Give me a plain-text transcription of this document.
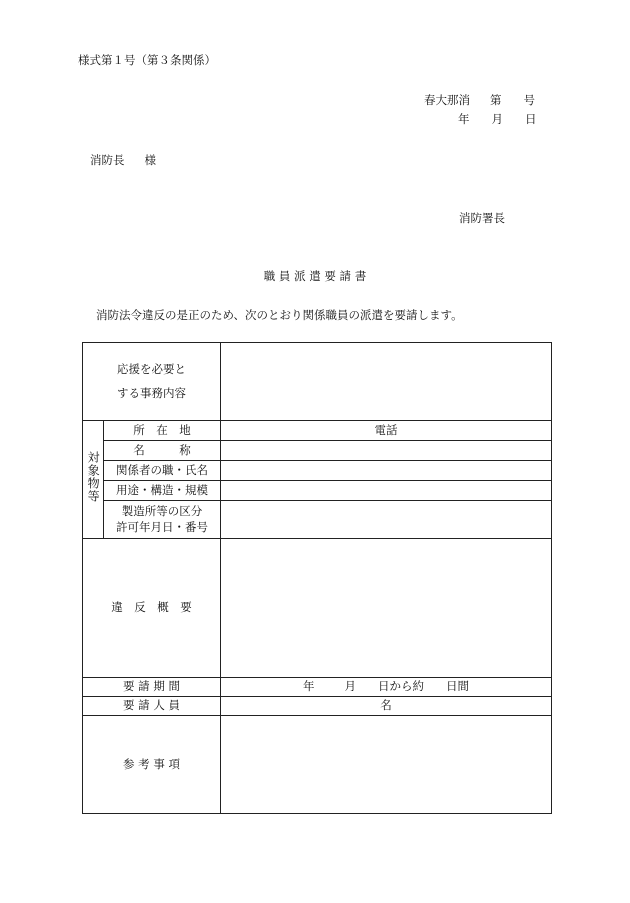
様式第１号（第３条関係）
春大那消 第 号
年 月 日
消防長 様
消防署長
職 員 派 遣 要 請 書
消防法令違反の是正のため、次のとおり関係職員の派遣を要請します。
応援を必要と
する事務内容		

対象物等	所　在　地	電話
	名　　　称	
	関係者の職・氏名	
	用途・構造・規模	

	製造所等の区分
許可年月日・番号	

違　反　概　要		
要 請 期 間		年 月 日から約 日間
要 請 人 員		名
参 考 事 項		
